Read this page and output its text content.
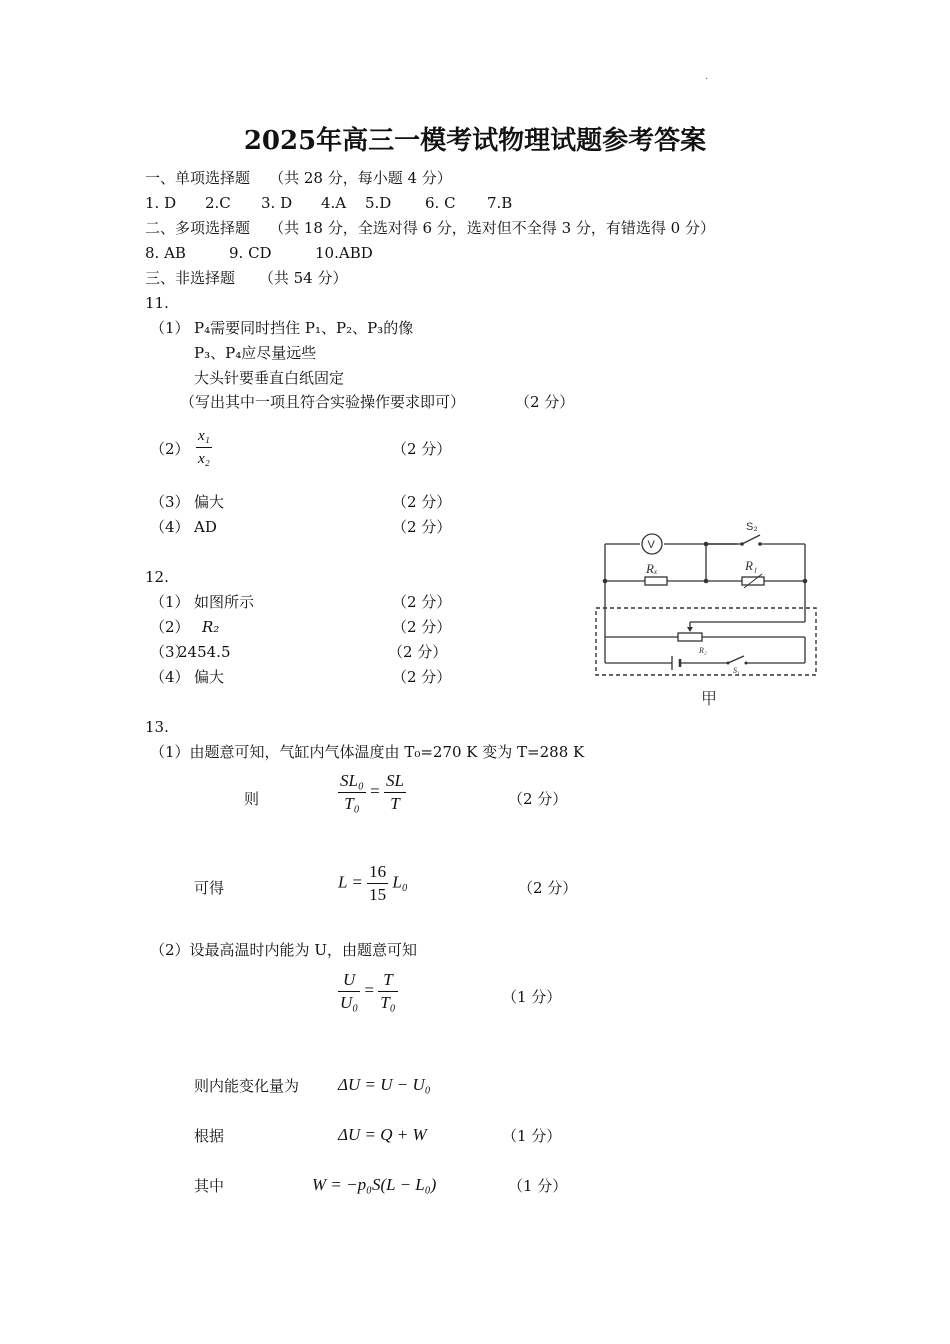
·
2025年高三一模考试物理试题参考答案
一、单项选择题 （共 28 分，每小题 4 分）
1. D 2.C 3. D 4.A 5.D 6. C 7.B
二、多项选择题 （共 18 分，全选对得 6 分，选对但不全得 3 分，有错选得 0 分）
8. AB	9. CD	10.ABD
三、非选择题 （共 54 分）
11.
（1） P₄需要同时挡住 P₁、P₂、P₃的像
P₃、P₄应尽量远些
大头针要垂直白纸固定
（写出其中一项且符合实验操作要求即可）	（2 分）
$(2) \frac{\text{x₁}}{\text{x₂}}$	（2 分）
（3） 偏大	（2 分）
（4） AD	（2 分）
12.
（1） 如图所示	（2 分）
（2） R₂	（2 分）
（3）
2454.5	（2 分）
（4） 偏大	（2 分）
S₂
V
Rₓ	R₁
R₂
S₁
甲
13.
（1）由题意可知，气缸内气体温度由 T₀=270 K 变为 T=288 K
则	$\frac{\text{SL₀}}{\text{T₀}} = \frac{SL}{T}$	（2 分）
可得	$L = \frac{16}{15} L_0$	（2 分）
（2）设最高温时内能为 U，由题意可知
$\frac{U}{\text{U₀}} = \frac{T}{\text{T₀}}$	（1 分）
则内能变化量为 ΔU = U − U₀
根据	ΔU = Q + W	（1 分）
其中	W = −p₀S(L − L₀)	（1 分）
